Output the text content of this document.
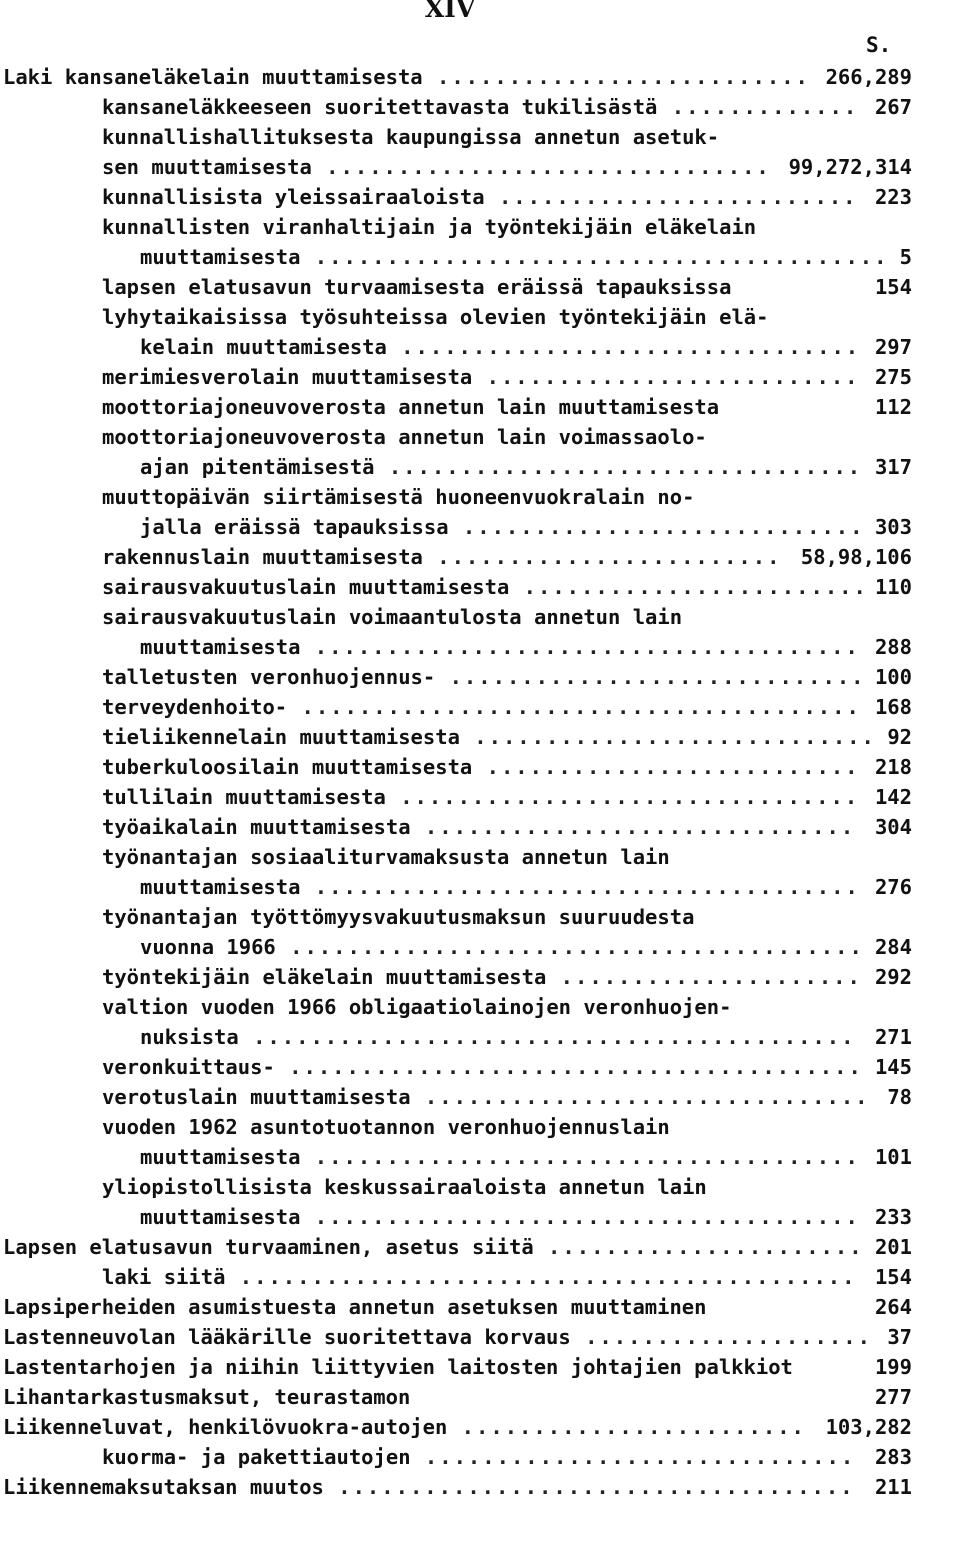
XIV
S.
Laki kansaneläkelain muuttamisesta .......................... 266,289
kansaneläkkeeseen suoritettavasta tukilisästä ............. 267
kunnallishallituksesta kaupungissa annetun asetuk-
sen muuttamisesta ............................... 99,272,314
kunnallisista yleissairaaloista ......................... 223
kunnallisten viranhaltijain ja työntekijäin eläkelain
muuttamisesta ........................................ 5
lapsen elatusavun turvaamisesta eräissä tapauksissa	154
lyhytaikaisissa työsuhteissa olevien työntekijäin elä-
kelain muuttamisesta ................................ 297
merimiesverolain muuttamisesta .......................... 275
moottoriajoneuvoverosta annetun lain muuttamisesta	112
moottoriajoneuvoverosta annetun lain voimassaolo-
ajan pitentämisestä ................................. 317
muuttopäivän siirtämisestä huoneenvuokralain no-
jalla eräissä tapauksissa ............................ 303
rakennuslain muuttamisesta ........................ 58,98,106
sairausvakuutuslain muuttamisesta ........................ 110
sairausvakuutuslain voimaantulosta annetun lain
muuttamisesta ...................................... 288
talletusten veronhuojennus- ............................. 100
terveydenhoito- ....................................... 168
tieliikennelain muuttamisesta ............................ 92
tuberkuloosilain muuttamisesta .......................... 218
tullilain muuttamisesta ................................ 142
työaikalain muuttamisesta .............................. 304
työnantajan sosiaaliturvamaksusta annetun lain
muuttamisesta ...................................... 276
työnantajan työttömyysvakuutusmaksun suuruudesta
vuonna 1966 ........................................ 284
työntekijäin eläkelain muuttamisesta ..................... 292
valtion vuoden 1966 obligaatiolainojen veronhuojen-
nuksista .......................................... 271
veronkuittaus- ........................................ 145
verotuslain muuttamisesta ............................... 78
vuoden 1962 asuntotuotannon veronhuojennuslain
muuttamisesta ...................................... 101
yliopistollisista keskussairaaloista annetun lain
muuttamisesta ...................................... 233
Lapsen elatusavun turvaaminen, asetus siitä ...................... 201
laki siitä ........................................... 154
Lapsiperheiden asumistuesta annetun asetuksen muuttaminen	264
Lastenneuvolan lääkärille suoritettava korvaus .................... 37
Lastentarhojen ja niihin liittyvien laitosten johtajien palkkiot	199
Lihantarkastusmaksut, teurastamon	277
Liikenneluvat, henkilövuokra-autojen ........................ 103,282
kuorma- ja pakettiautojen .............................. 283
Liikennemaksutaksan muutos .................................... 211
